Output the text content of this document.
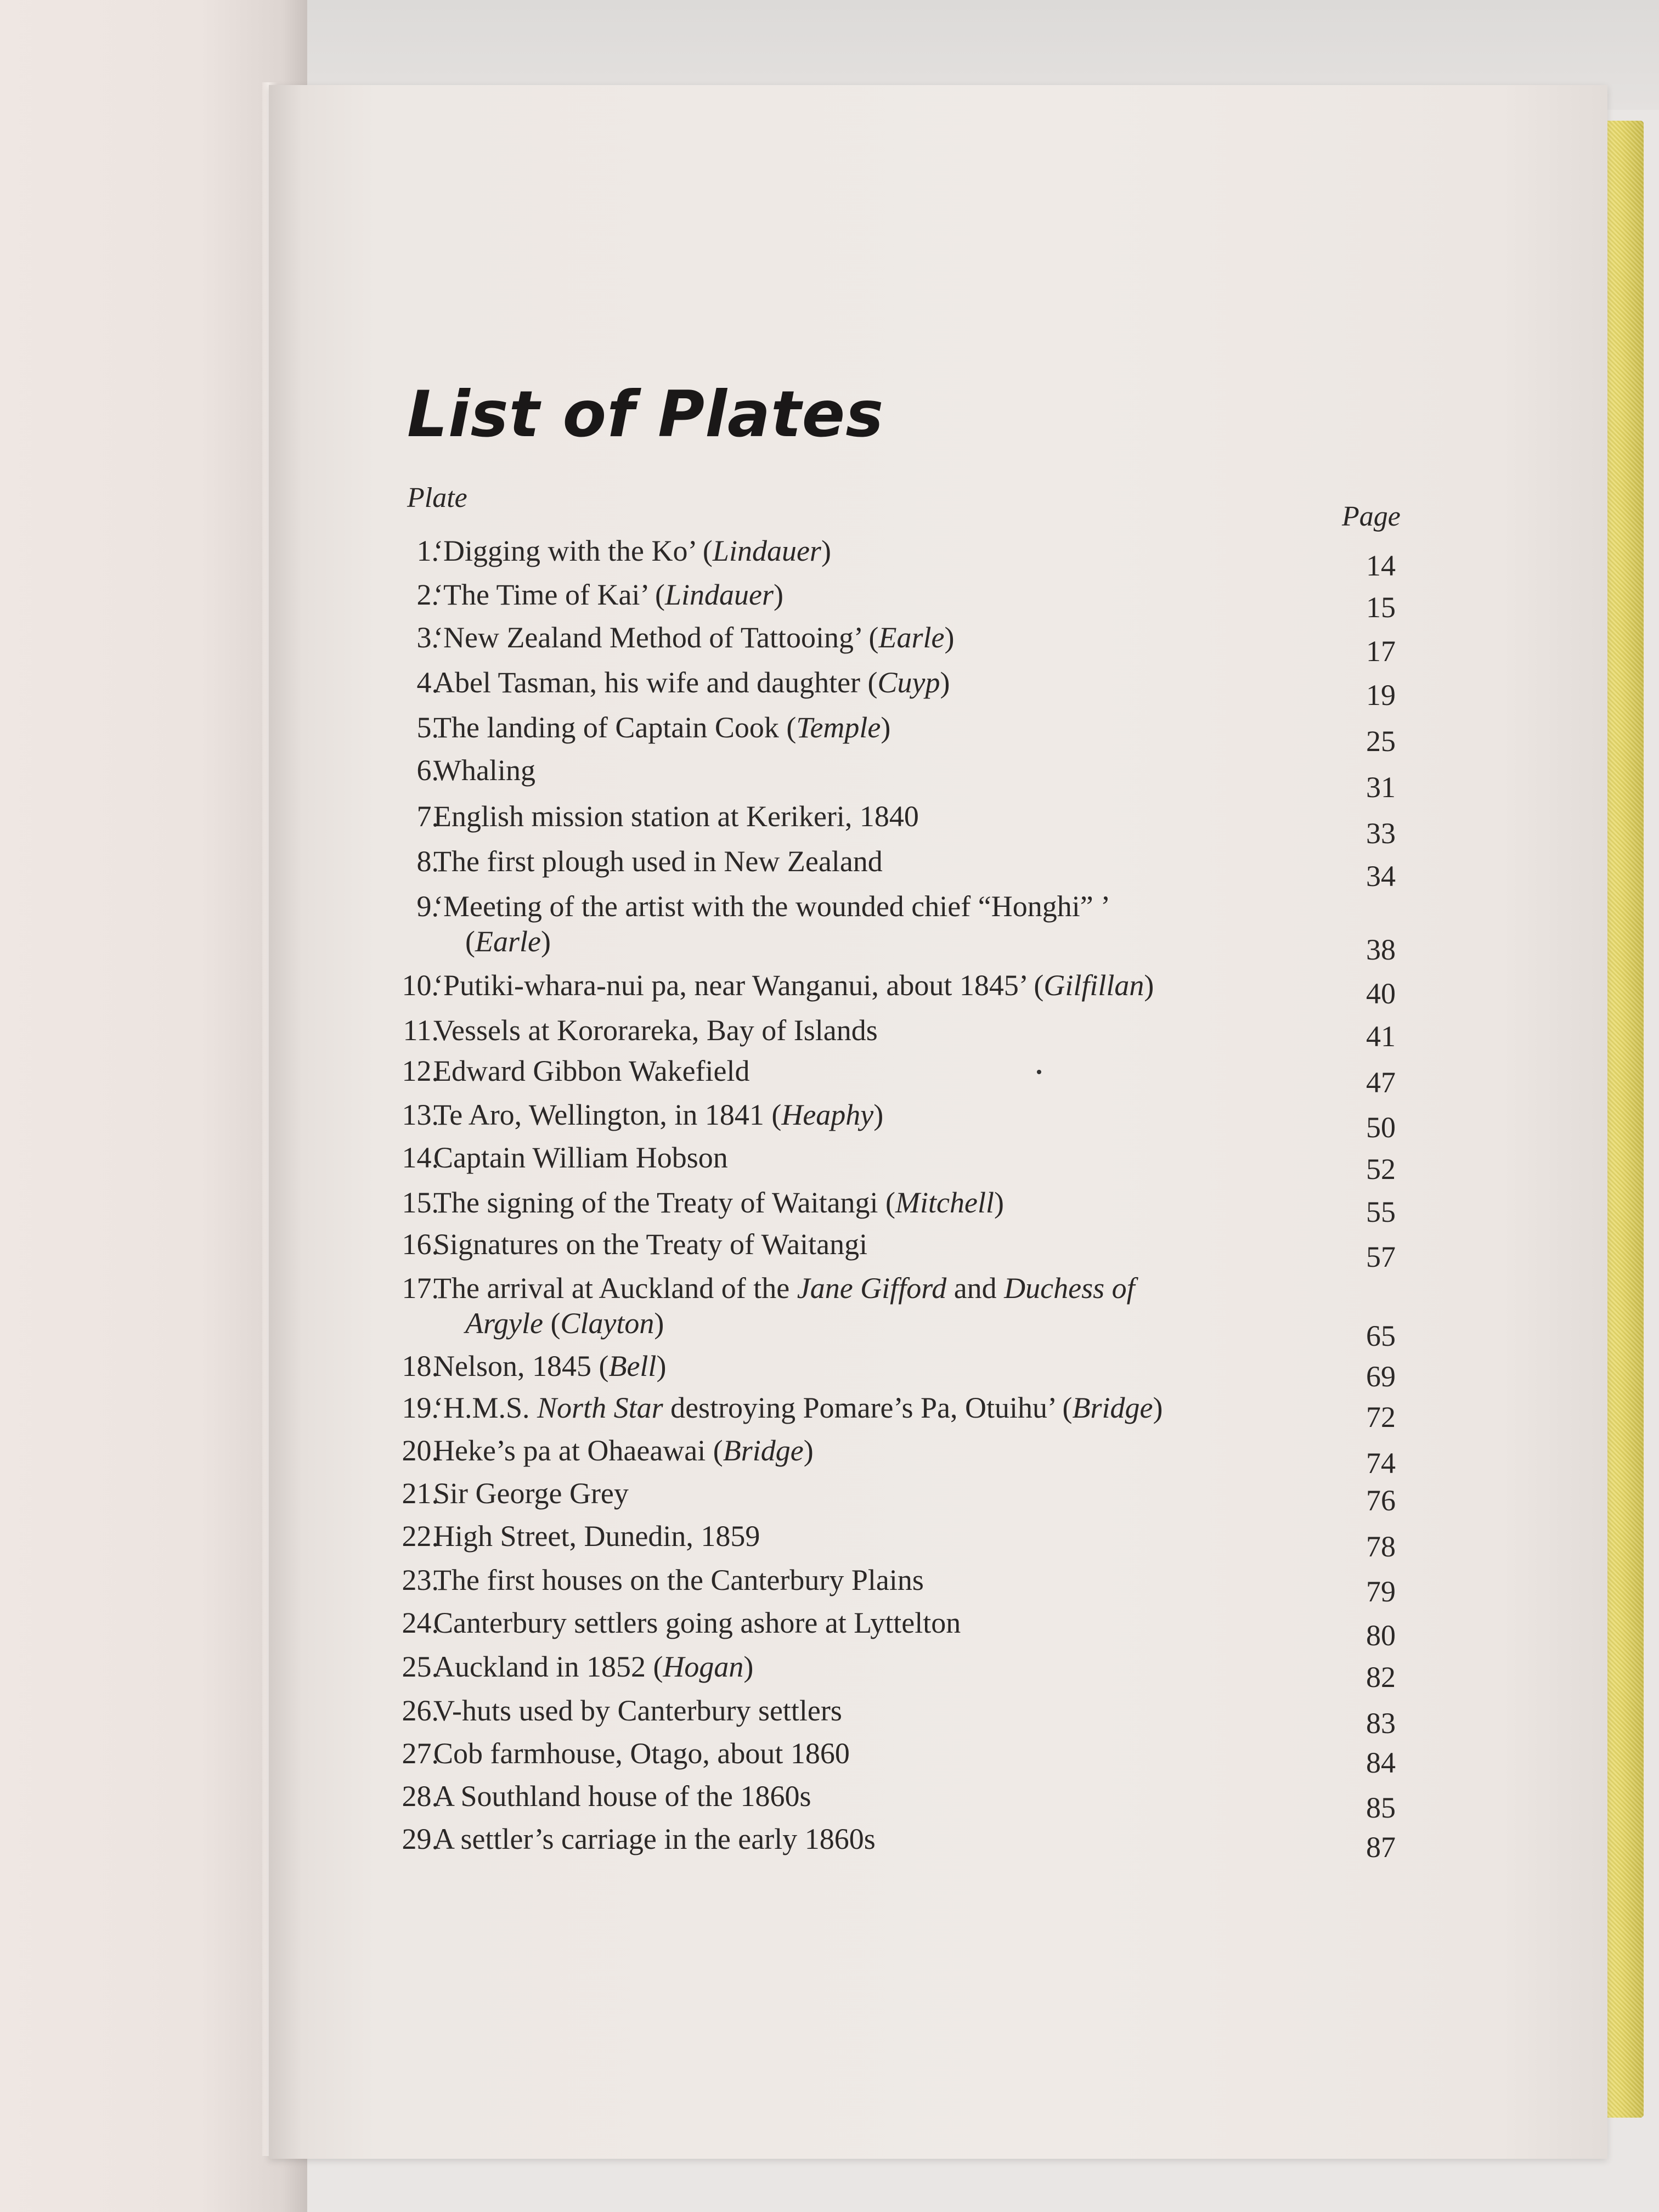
​
List of Plates
Plate
Page
1.
‘Digging with the Ko’ (Lindauer)	14
2.
‘The Time of Kai’ (Lindauer)	15
3.
‘New Zealand Method of Tattooing’ (Earle)	17
4.
Abel Tasman, his wife and daughter (Cuyp)	19
5.
The landing of Captain Cook (Temple)	25
6.
Whaling
31
7.
English mission station at Kerikeri, 1840
33
8.
The first plough used in New Zealand	34
9.
‘Meeting of the artist with the wounded chief “Honghi” ’
(Earle)	38
10.
‘Putiki-whara-nui pa, near Wanganui, about 1845’ (Gilfillan)	40
11.
Vessels at Kororareka, Bay of Islands	41
12.
Edward Gibbon Wakefield	47
13.
Te Aro, Wellington, in 1841 (Heaphy)	50
14.
Captain William Hobson	52
15.
The signing of the Treaty of Waitangi (Mitchell)	55
16.
Signatures on the Treaty of Waitangi	57
17.
The arrival at Auckland of the Jane Gifford and Duchess of
Argyle (Clayton)	65
18.
Nelson, 1845 (Bell)	69
19.
‘H.M.S. North Star destroying Pomare’s Pa, Otuihu’ (Bridge)	72
20.
Heke’s pa at Ohaeawai (Bridge)	74
21.
Sir George Grey	76
22.
High Street, Dunedin, 1859	78
23.
The first houses on the Canterbury Plains	79
24.
Canterbury settlers going ashore at Lyttelton	80
25.
Auckland in 1852 (Hogan)	82
26.
V-huts used by Canterbury settlers	83
27.
Cob farmhouse, Otago, about 1860	84
28.
A Southland house of the 1860s	85
29.
A settler’s carriage in the early 1860s	87
